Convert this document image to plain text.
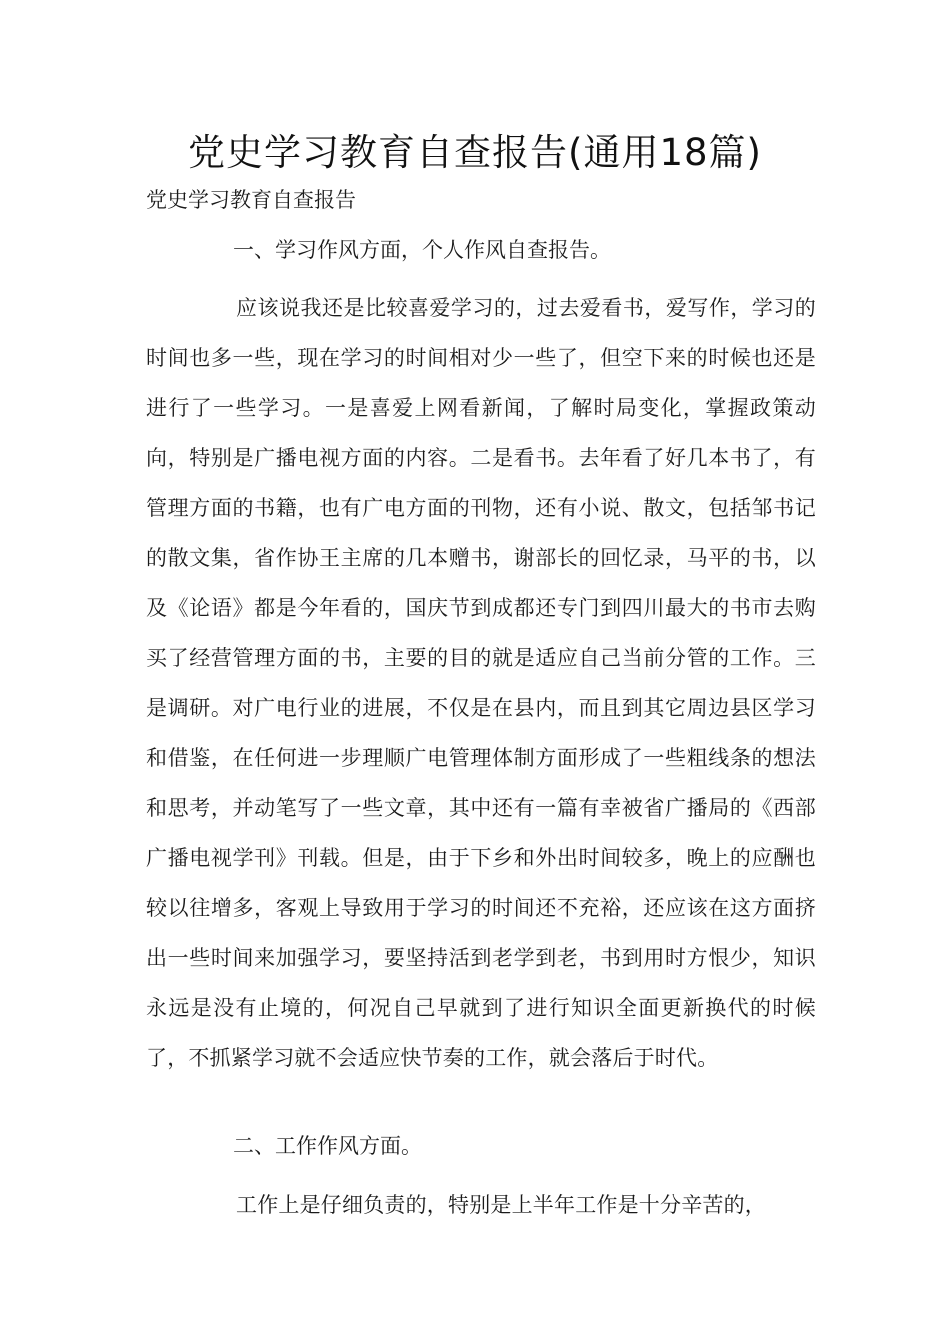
党史学习教育自查报告(通用18篇)

党史学习教育自查报告

一、学习作风方面，个人作风自查报告。

应该说我还是比较喜爱学习的，过去爱看书，爱写作，学习的时间也多一些，现在学习的时间相对少一些了，但空下来的时候也还是进行了一些学习。一是喜爱上网看新闻，了解时局变化，掌握政策动向，特别是广播电视方面的内容。二是看书。去年看了好几本书了，有管理方面的书籍，也有广电方面的刊物，还有小说、散文，包括邹书记的散文集，省作协王主席的几本赠书，谢部长的回忆录，马平的书，以及《论语》都是今年看的，国庆节到成都还专门到四川最大的书市去购买了经营管理方面的书，主要的目的就是适应自己当前分管的工作。三是调研。对广电行业的进展，不仅是在县内，而且到其它周边县区学习和借鉴，在任何进一步理顺广电管理体制方面形成了一些粗线条的想法和思考，并动笔写了一些文章，其中还有一篇有幸被省广播局的《西部广播电视学刊》刊载。但是，由于下乡和外出时间较多，晚上的应酬也较以往增多，客观上导致用于学习的时间还不充裕，还应该在这方面挤出一些时间来加强学习，要坚持活到老学到老，书到用时方恨少，知识永远是没有止境的，何况自己早就到了进行知识全面更新换代的时候了，不抓紧学习就不会适应快节奏的工作，就会落后于时代。

二、工作作风方面。

工作上是仔细负责的，特别是上半年工作是十分辛苦的，
